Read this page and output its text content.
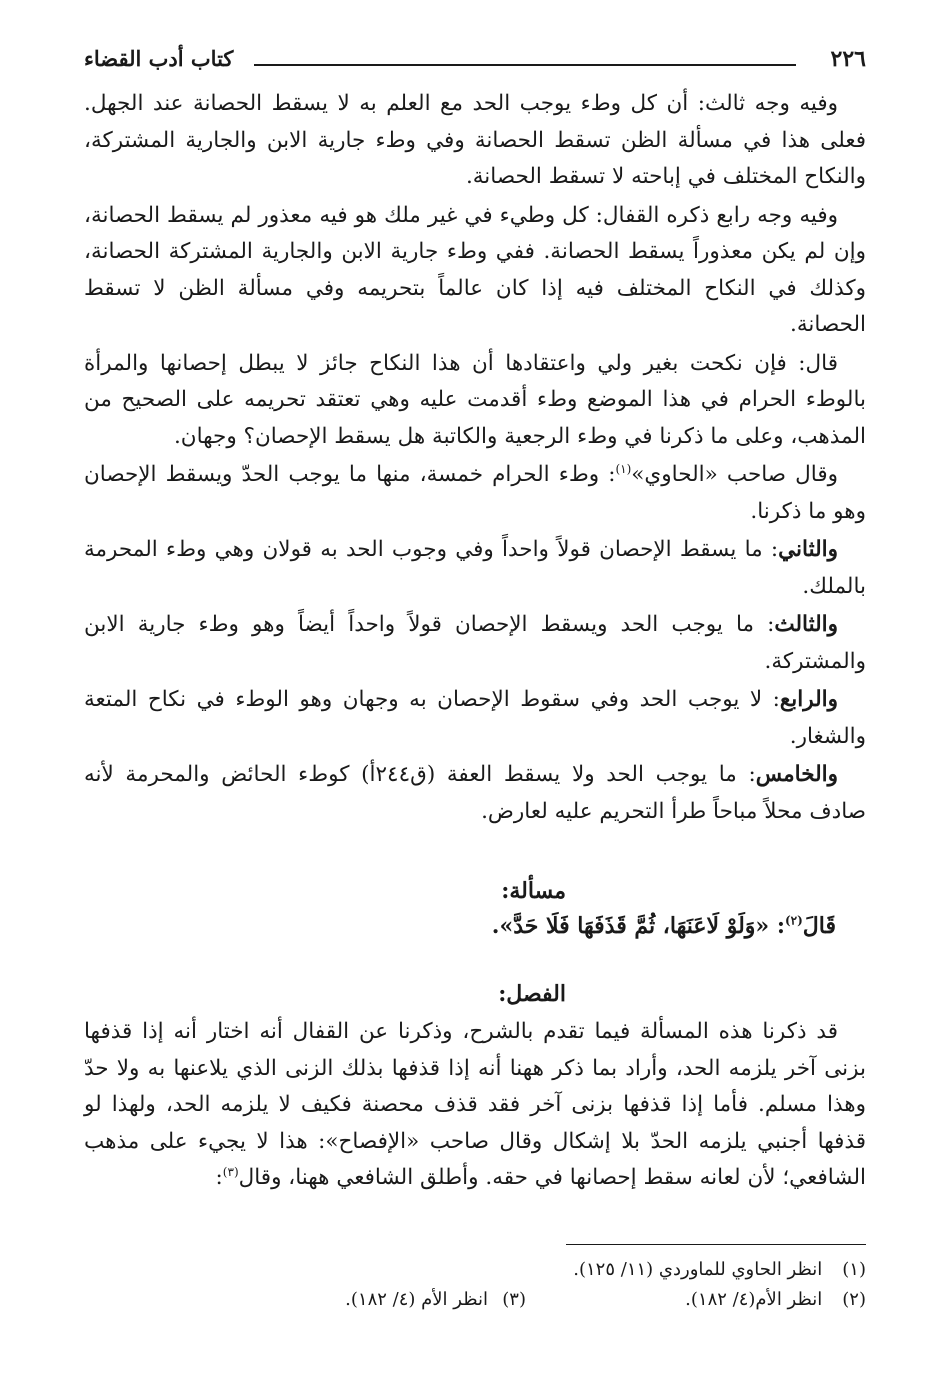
٢٢٦
كتاب أدب القضاء

وفيه وجه ثالث: أن كل وطء يوجب الحد مع العلم به لا يسقط الحصانة عند الجهل. فعلى هذا في مسألة الظن تسقط الحصانة وفي وطء جارية الابن والجارية المشتركة، والنكاح المختلف في إباحته لا تسقط الحصانة.

وفيه وجه رابع ذكره القفال: كل وطيء في غير ملك هو فيه معذور لم يسقط الحصانة، وإن لم يكن معذوراً يسقط الحصانة. ففي وطء جارية الابن والجارية المشتركة الحصانة، وكذلك في النكاح المختلف فيه إذا كان عالماً بتحريمه وفي مسألة الظن لا تسقط الحصانة.

قال: فإن نكحت بغير ولي واعتقادها أن هذا النكاح جائز لا يبطل إحصانها والمرأة بالوطء الحرام في هذا الموضع وطء أقدمت عليه وهي تعتقد تحريمه على الصحيح من المذهب، وعلى ما ذكرنا في وطء الرجعية والكاتبة هل يسقط الإحصان؟ وجهان.

وقال صاحب «الحاوي»$^{(١)}$: وطء الحرام خمسة، منها ما يوجب الحدّ ويسقط الإحصان وهو ما ذكرنا.

والثاني: ما يسقط الإحصان قولاً واحداً وفي وجوب الحد به قولان وهي وطء المحرمة بالملك.

والثالث: ما يوجب الحد ويسقط الإحصان قولاً واحداً أيضاً وهو وطء جارية الابن والمشتركة.

والرابع: لا يوجب الحد وفي سقوط الإحصان به وجهان وهو الوطء في نكاح المتعة والشغار.

والخامس: ما يوجب الحد ولا يسقط العفة (ق٢٤٤أ) كوطء الحائض والمحرمة لأنه صادف محلاً مباحاً طرأ التحريم عليه لعارض.

مسألة:

قَالَ$^{(٢)}$: «وَلَوْ لَاعَنَهَا، ثُمَّ قَذَفَهَا فَلَا حَدَّ».

الفصل:

قد ذكرنا هذه المسألة فيما تقدم بالشرح، وذكرنا عن القفال أنه اختار أنه إذا قذفها بزنى آخر يلزمه الحد، وأراد بما ذكر ههنا أنه إذا قذفها بذلك الزنى الذي يلاعنها به ولا حدّ وهذا مسلم. فأما إذا قذفها بزنى آخر فقد قذف محصنة فكيف لا يلزمه الحد، ولهذا لو قذفها أجنبي يلزمه الحدّ بلا إشكال وقال صاحب «الإفصاح»: هذا لا يجيء على مذهب الشافعي؛ لأن لعانه سقط إحصانها في حقه. وأطلق الشافعي ههنا، وقال$^{(٣)}$:

(١) انظر الحاوي للماوردي (١١/ ١٢٥).
(٢) انظر الأم(٤/ ١٨٢).
(٣)انظر الأم (٤/ ١٨٢).
